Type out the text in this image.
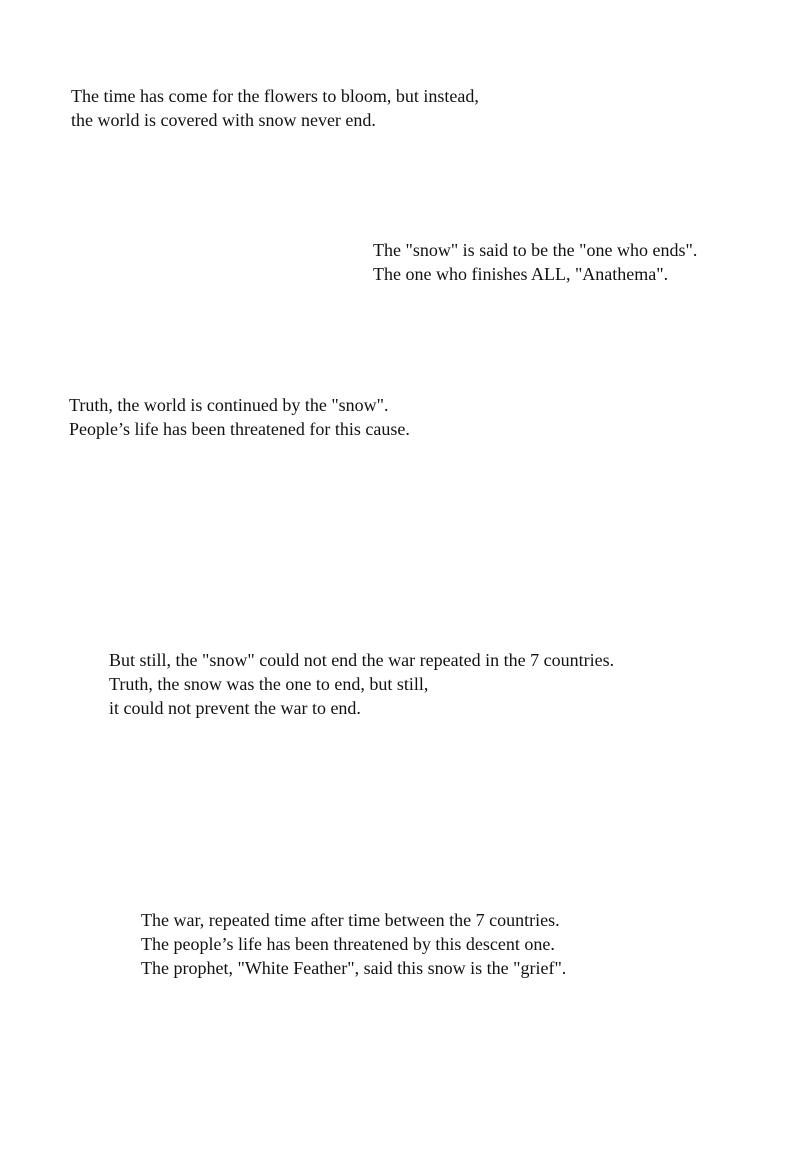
The time has come for the flowers to bloom, but instead,
the world is covered with snow never end.
The "snow" is said to be the "one who ends".
The one who finishes ALL, "Anathema".
Truth, the world is continued by the "snow".
People’s life has been threatened for this cause.
But still, the "snow" could not end the war repeated in the 7 countries.
Truth, the snow was the one to end, but still,
it could not prevent the war to end.
The war, repeated time after time between the 7 countries.
The people’s life has been threatened by this descent one.
The prophet, "White Feather", said this snow is the "grief".
